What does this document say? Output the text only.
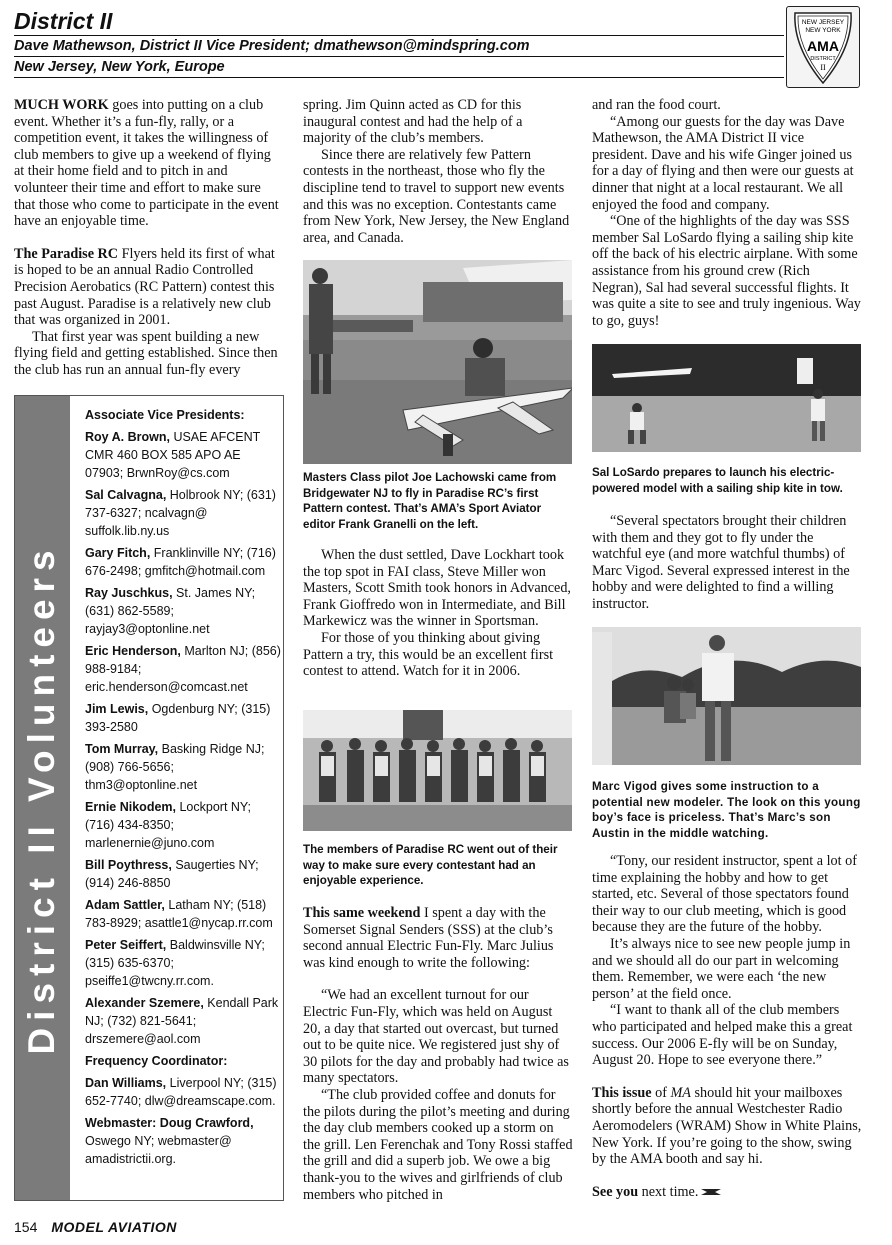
District II
Dave Mathewson, District II Vice President; dmathewson@mindspring.com
New Jersey, New York, Europe
NEW JERSEY
NEW YORK
AMA
DISTRICT
II

MUCH WORK goes into putting on a club event. Whether it’s a fun-fly, rally, or a competition event, it takes the willingness of club members to give up a weekend of flying at their home field and to pitch in and volunteer their time and effort to make sure that those who come to participate in the event have an enjoyable time.

The Paradise RC Flyers held its first of what is hoped to be an annual Radio Controlled Precision Aerobatics (RC Pattern) contest this past August. Paradise is a relatively new club that was organized in 2001.

That first year was spent building a new flying field and getting established. Since then the club has run an annual fun-fly every

District II Volunteers
Associate Vice Presidents:
Roy A. Brown, USAE AFCENT CMR 460 BOX 585 APO AE 07903; BrwnRoy@cs.com
Sal Calvagna, Holbrook NY; (631) 737-6327; ncalvagn@ suffolk.lib.ny.us
Gary Fitch, Franklinville NY; (716) 676-2498; gmfitch@hotmail.com
Ray Juschkus, St. James NY; (631) 862-5589; rayjay3@optonline.net
Eric Henderson, Marlton NJ; (856) 988-9184; eric.henderson@comcast.net
Jim Lewis, Ogdenburg NY; (315) 393-2580
Tom Murray, Basking Ridge NJ; (908) 766-5656; thm3@optonline.net
Ernie Nikodem, Lockport NY; (716) 434-8350; marlenernie@juno.com
Bill Poythress, Saugerties NY; (914) 246-8850
Adam Sattler, Latham NY; (518) 783-8929; asattle1@nycap.rr.com
Peter Seiffert, Baldwinsville NY; (315) 635-6370; pseiffe1@twcny.rr.com.
Alexander Szemere, Kendall Park NJ; (732) 821-5641; drszemere@aol.com
Frequency Coordinator:
Dan Williams, Liverpool NY; (315) 652-7740; dlw@dreamscape.com.
Webmaster: Doug Crawford, Oswego NY; webmaster@ amadistrictii.org.

spring. Jim Quinn acted as CD for this inaugural contest and had the help of a majority of the club’s members.

Since there are relatively few Pattern contests in the northeast, those who fly the discipline tend to travel to support new events and this was no exception. Contestants came from New York, New Jersey, the New England area, and Canada.

Masters Class pilot Joe Lachowski came from Bridgewater NJ to fly in Paradise RC’s first Pattern contest. That’s AMA’s Sport Aviator editor Frank Granelli on the left.

When the dust settled, Dave Lockhart took the top spot in FAI class, Steve Miller won Masters, Scott Smith took honors in Advanced, Frank Gioffredo won in Intermediate, and Bill Markewicz was the winner in Sportsman.

For those of you thinking about giving Pattern a try, this would be an excellent first contest to attend. Watch for it in 2006.

The members of Paradise RC went out of their way to make sure every contestant had an enjoyable experience.

This same weekend I spent a day with the Somerset Signal Senders (SSS) at the club’s second annual Electric Fun-Fly. Marc Julius was kind enough to write the following:

“We had an excellent turnout for our Electric Fun-Fly, which was held on August 20, a day that started out overcast, but turned out to be quite nice. We registered just shy of 30 pilots for the day and probably had twice as many spectators.

“The club provided coffee and donuts for the pilots during the pilot’s meeting and during the day club members cooked up a storm on the grill. Len Ferenchak and Tony Rossi staffed the grill and did a superb job. We owe a big thank-you to the wives and girlfriends of club members who pitched in

and ran the food court.

“Among our guests for the day was Dave Mathewson, the AMA District II vice president. Dave and his wife Ginger joined us for a day of flying and then were our guests at dinner that night at a local restaurant. We all enjoyed the food and company.

“One of the highlights of the day was SSS member Sal LoSardo flying a sailing ship kite off the back of his electric airplane. With some assistance from his ground crew (Rich Negran), Sal had several successful flights. It was quite a site to see and truly ingenious. Way to go, guys!

Sal LoSardo prepares to launch his electric-powered model with a sailing ship kite in tow.

“Several spectators brought their children with them and they got to fly under the watchful eye (and more watchful thumbs) of Marc Vigod. Several expressed interest in the hobby and were delighted to find a willing instructor.

Marc Vigod gives some instruction to a potential new modeler. The look on this young boy’s face is priceless. That’s Marc’s son Austin in the middle watching.

“Tony, our resident instructor, spent a lot of time explaining the hobby and how to get started, etc. Several of those spectators found their way to our club meeting, which is good because they are the future of the hobby.

It’s always nice to see new people jump in and we should all do our part in welcoming them. Remember, we were each ‘the new person’ at the field once.

“I want to thank all of the club members who participated and helped make this a great success. Our 2006 E-fly will be on Sunday, August 20. Hope to see everyone there.”

This issue of MA should hit your mailboxes shortly before the annual Westchester Radio Aeromodelers (WRAM) Show in White Plains, New York. If you’re going to the show, swing by the AMA booth and say hi.

See you next time.

154 MODEL AVIATION
